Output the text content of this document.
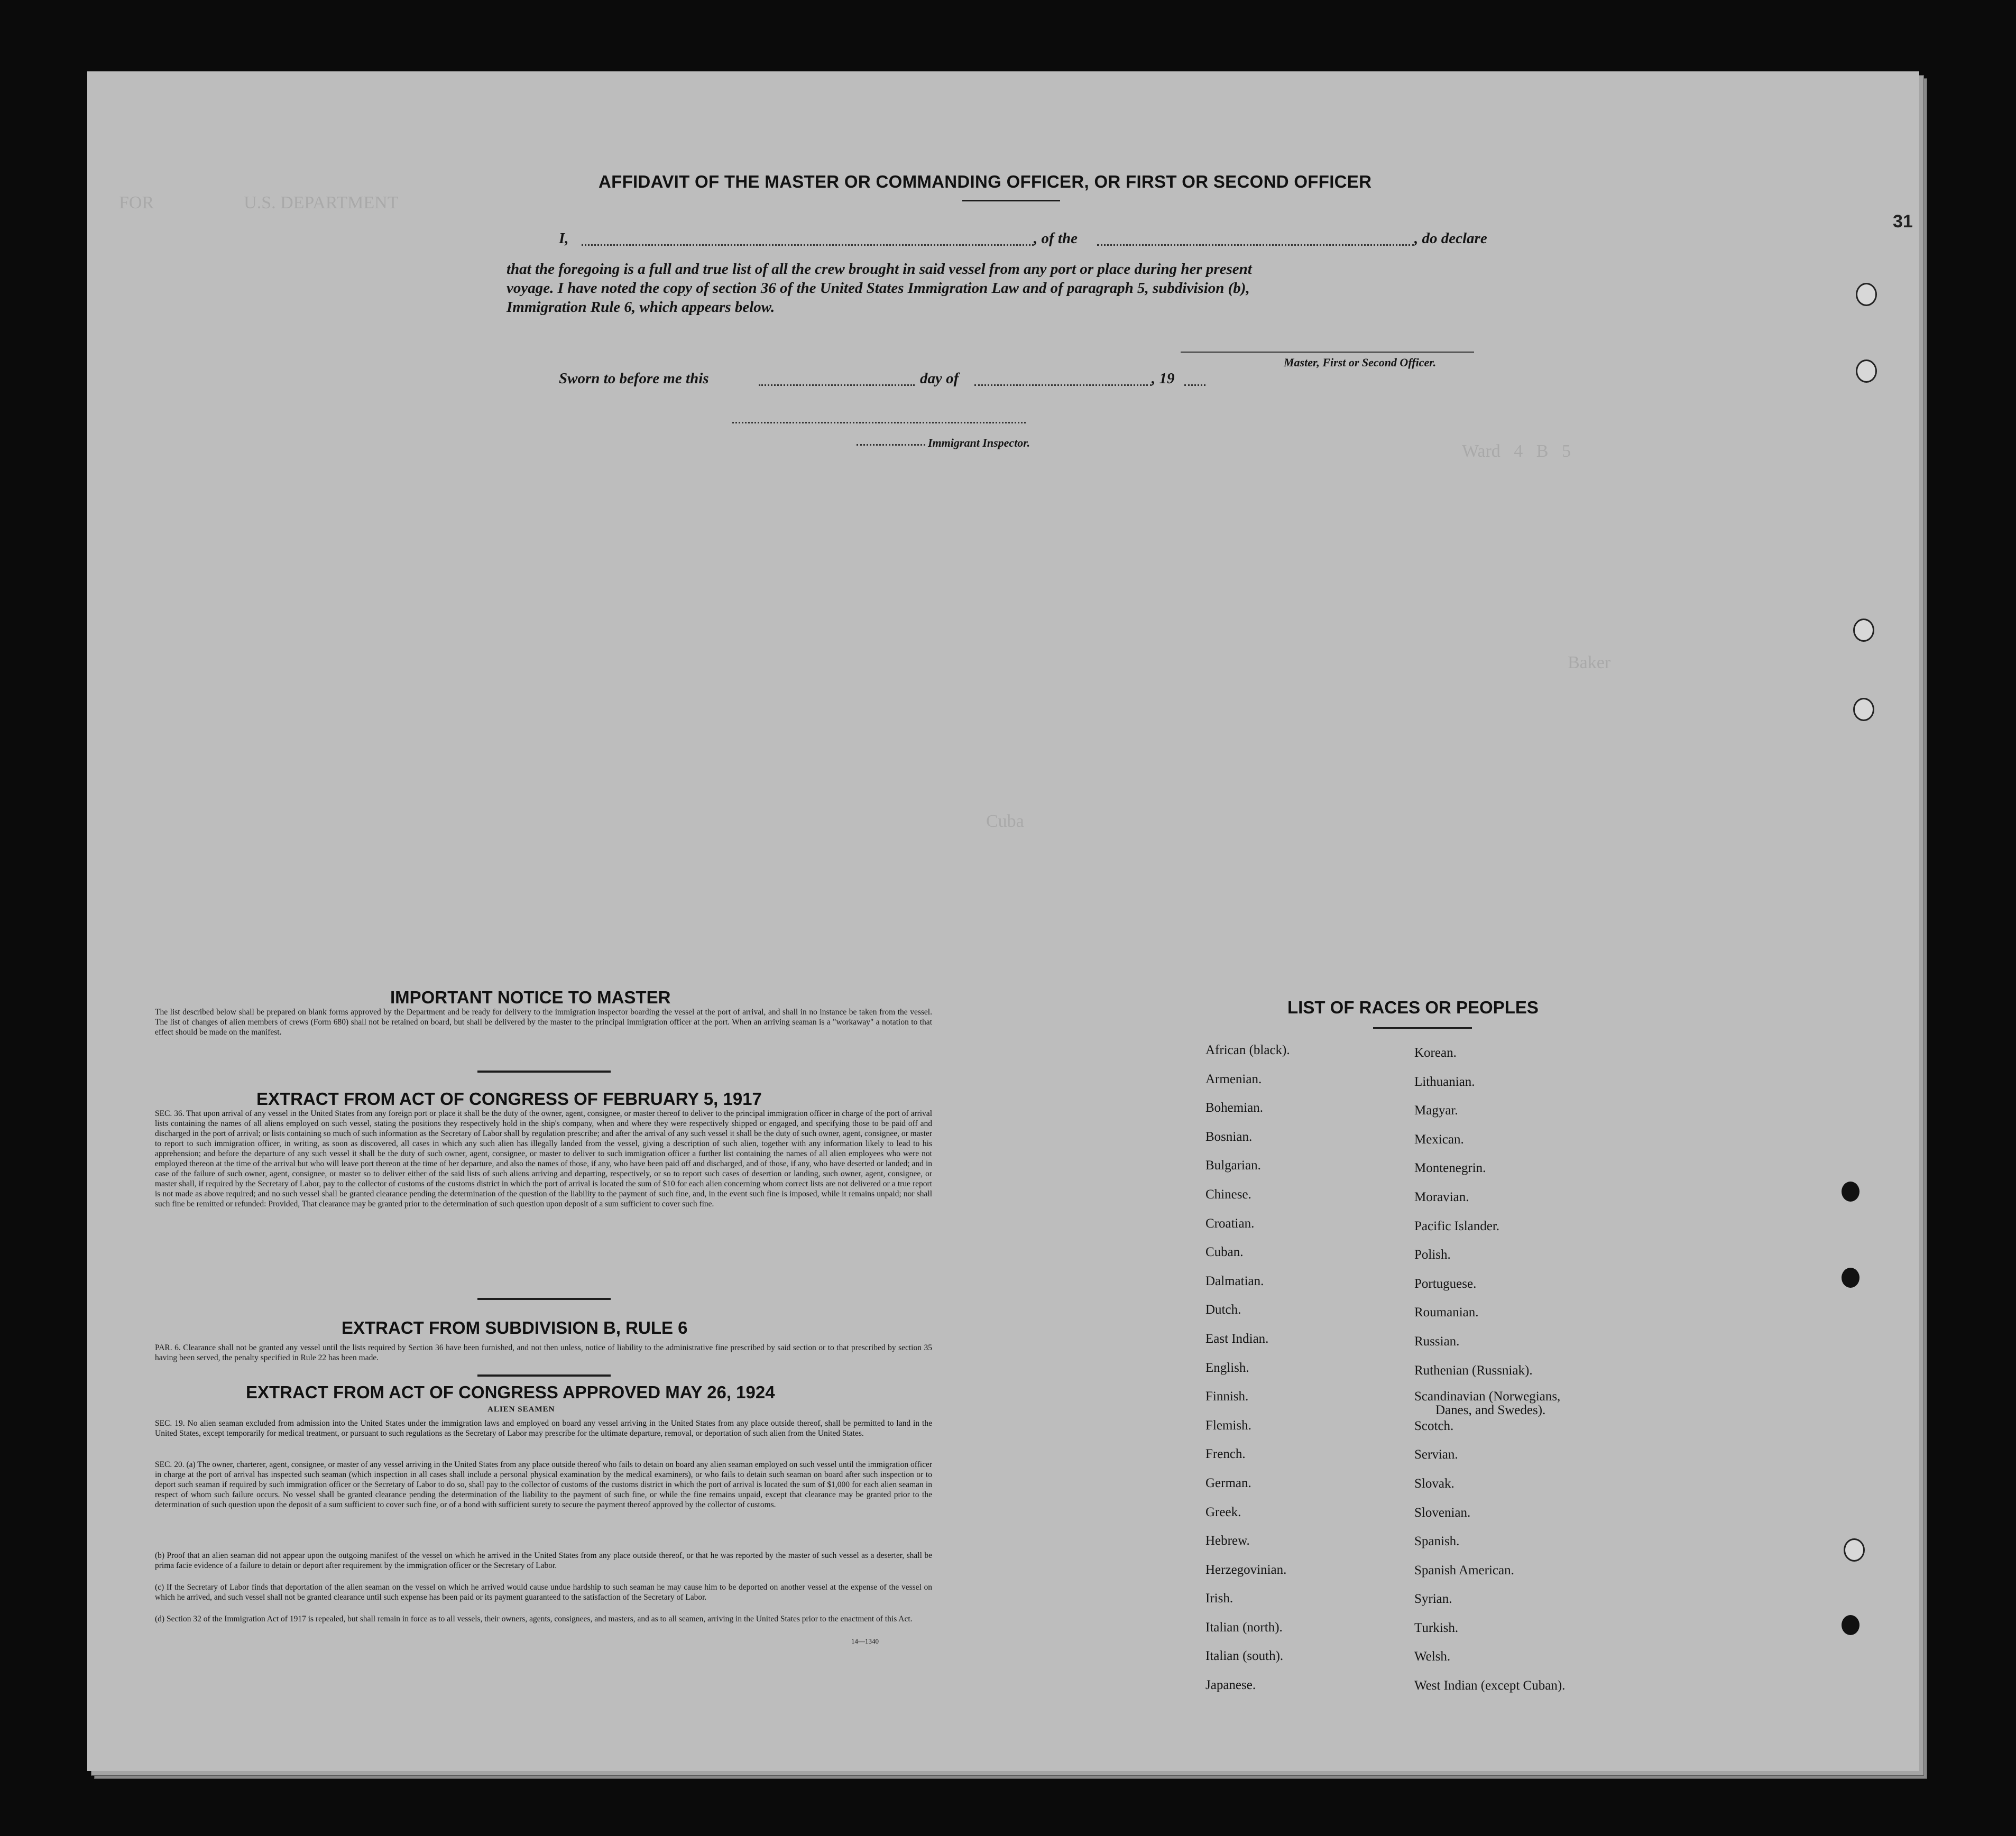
FOR                    U.S. DEPARTMENT
Ward   4   B   5
Baker
Cuba
31
AFFIDAVIT OF THE MASTER OR COMMANDING OFFICER, OR FIRST OR SECOND OFFICER
I,	, of the	, do declare
that the foregoing is a full and true list of all the crew brought in said vessel from any port or place during her present
voyage. I have noted the copy of section 36 of the United States Immigration Law and of paragraph 5, subdivision (b),
Immigration Rule 6, which appears below.
Master, First or Second Officer.
Sworn to before me this	day of	, 19
Immigrant Inspector.
IMPORTANT NOTICE TO MASTER
The list described below shall be prepared on blank forms approved by the Department and be ready for delivery to the immigration inspector boarding the vessel at the port of arrival, and shall in no instance be taken from the vessel. The list of changes of alien members of crews (Form 680) shall not be retained on board, but shall be delivered by the master to the principal immigration officer at the port. When an arriving seaman is a "workaway" a notation to that effect should be made on the manifest.
EXTRACT FROM ACT OF CONGRESS OF FEBRUARY 5, 1917
SEC. 36. That upon arrival of any vessel in the United States from any foreign port or place it shall be the duty of the owner, agent, consignee, or master thereof to deliver to the principal immigration officer in charge of the port of arrival lists containing the names of all aliens employed on such vessel, stating the positions they respectively hold in the ship's company, when and where they were respectively shipped or engaged, and specifying those to be paid off and discharged in the port of arrival; or lists containing so much of such information as the Secretary of Labor shall by regulation prescribe; and after the arrival of any such vessel it shall be the duty of such owner, agent, consignee, or master to report to such immigration officer, in writing, as soon as discovered, all cases in which any such alien has illegally landed from the vessel, giving a description of such alien, together with any information likely to lead to his apprehension; and before the departure of any such vessel it shall be the duty of such owner, agent, consignee, or master to deliver to such immigration officer a further list containing the names of all alien employees who were not employed thereon at the time of the arrival but who will leave port thereon at the time of her departure, and also the names of those, if any, who have been paid off and discharged, and of those, if any, who have deserted or landed; and in case of the failure of such owner, agent, consignee, or master so to deliver either of the said lists of such aliens arriving and departing, respectively, or so to report such cases of desertion or landing, such owner, agent, consignee, or master shall, if required by the Secretary of Labor, pay to the collector of customs of the customs district in which the port of arrival is located the sum of $10 for each alien concerning whom correct lists are not delivered or a true report is not made as above required; and no such vessel shall be granted clearance pending the determination of the question of the liability to the payment of such fine, and, in the event such fine is imposed, while it remains unpaid; nor shall such fine be remitted or refunded: Provided, That clearance may be granted prior to the determination of such question upon deposit of a sum sufficient to cover such fine.
EXTRACT FROM SUBDIVISION B, RULE 6
PAR. 6. Clearance shall not be granted any vessel until the lists required by Section 36 have been furnished, and not then unless, notice of liability to the administrative fine prescribed by said section or to that prescribed by section 35 having been served, the penalty specified in Rule 22 has been made.
EXTRACT FROM ACT OF CONGRESS APPROVED MAY 26, 1924
ALIEN SEAMEN
SEC. 19. No alien seaman excluded from admission into the United States under the immigration laws and employed on board any vessel arriving in the United States from any place outside thereof, shall be permitted to land in the United States, except temporarily for medical treatment, or pursuant to such regulations as the Secretary of Labor may prescribe for the ultimate departure, removal, or deportation of such alien from the United States.
SEC. 20. (a) The owner, charterer, agent, consignee, or master of any vessel arriving in the United States from any place outside thereof who fails to detain on board any alien seaman employed on such vessel until the immigration officer in charge at the port of arrival has inspected such seaman (which inspection in all cases shall include a personal physical examination by the medical examiners), or who fails to detain such seaman on board after such inspection or to deport such seaman if required by such immigration officer or the Secretary of Labor to do so, shall pay to the collector of customs of the customs district in which the port of arrival is located the sum of $1,000 for each alien seaman in respect of whom such failure occurs. No vessel shall be granted clearance pending the determination of the liability to the payment of such fine, or while the fine remains unpaid, except that clearance may be granted prior to the determination of such question upon the deposit of a sum sufficient to cover such fine, or of a bond with sufficient surety to secure the payment thereof approved by the collector of customs.
(b) Proof that an alien seaman did not appear upon the outgoing manifest of the vessel on which he arrived in the United States from any place outside thereof, or that he was reported by the master of such vessel as a deserter, shall be prima facie evidence of a failure to detain or deport after requirement by the immigration officer or the Secretary of Labor.
(c) If the Secretary of Labor finds that deportation of the alien seaman on the vessel on which he arrived would cause undue hardship to such seaman he may cause him to be deported on another vessel at the expense of the vessel on which he arrived, and such vessel shall not be granted clearance until such expense has been paid or its payment guaranteed to the satisfaction of the Secretary of Labor.
(d) Section 32 of the Immigration Act of 1917 is repealed, but shall remain in force as to all vessels, their owners, agents, consignees, and masters, and as to all seamen, arriving in the United States prior to the enactment of this Act.
14—1340
LIST OF RACES OR PEOPLES
African (black).
Armenian.
Bohemian.
Bosnian.
Bulgarian.
Chinese.
Croatian.
Cuban.
Dalmatian.
Dutch.
East Indian.
English.
Finnish.
Flemish.
French.
German.
Greek.
Hebrew.
Herzegovinian.
Irish.
Italian (north).
Italian (south).
Japanese.
Korean.
Lithuanian.
Magyar.
Mexican.
Montenegrin.
Moravian.
Pacific Islander.
Polish.
Portuguese.
Roumanian.
Russian.
Ruthenian (Russniak).
Scandinavian (Norwegians,
Danes, and Swedes).
Scotch.
Servian.
Slovak.
Slovenian.
Spanish.
Spanish American.
Syrian.
Turkish.
Welsh.
West Indian (except Cuban).
